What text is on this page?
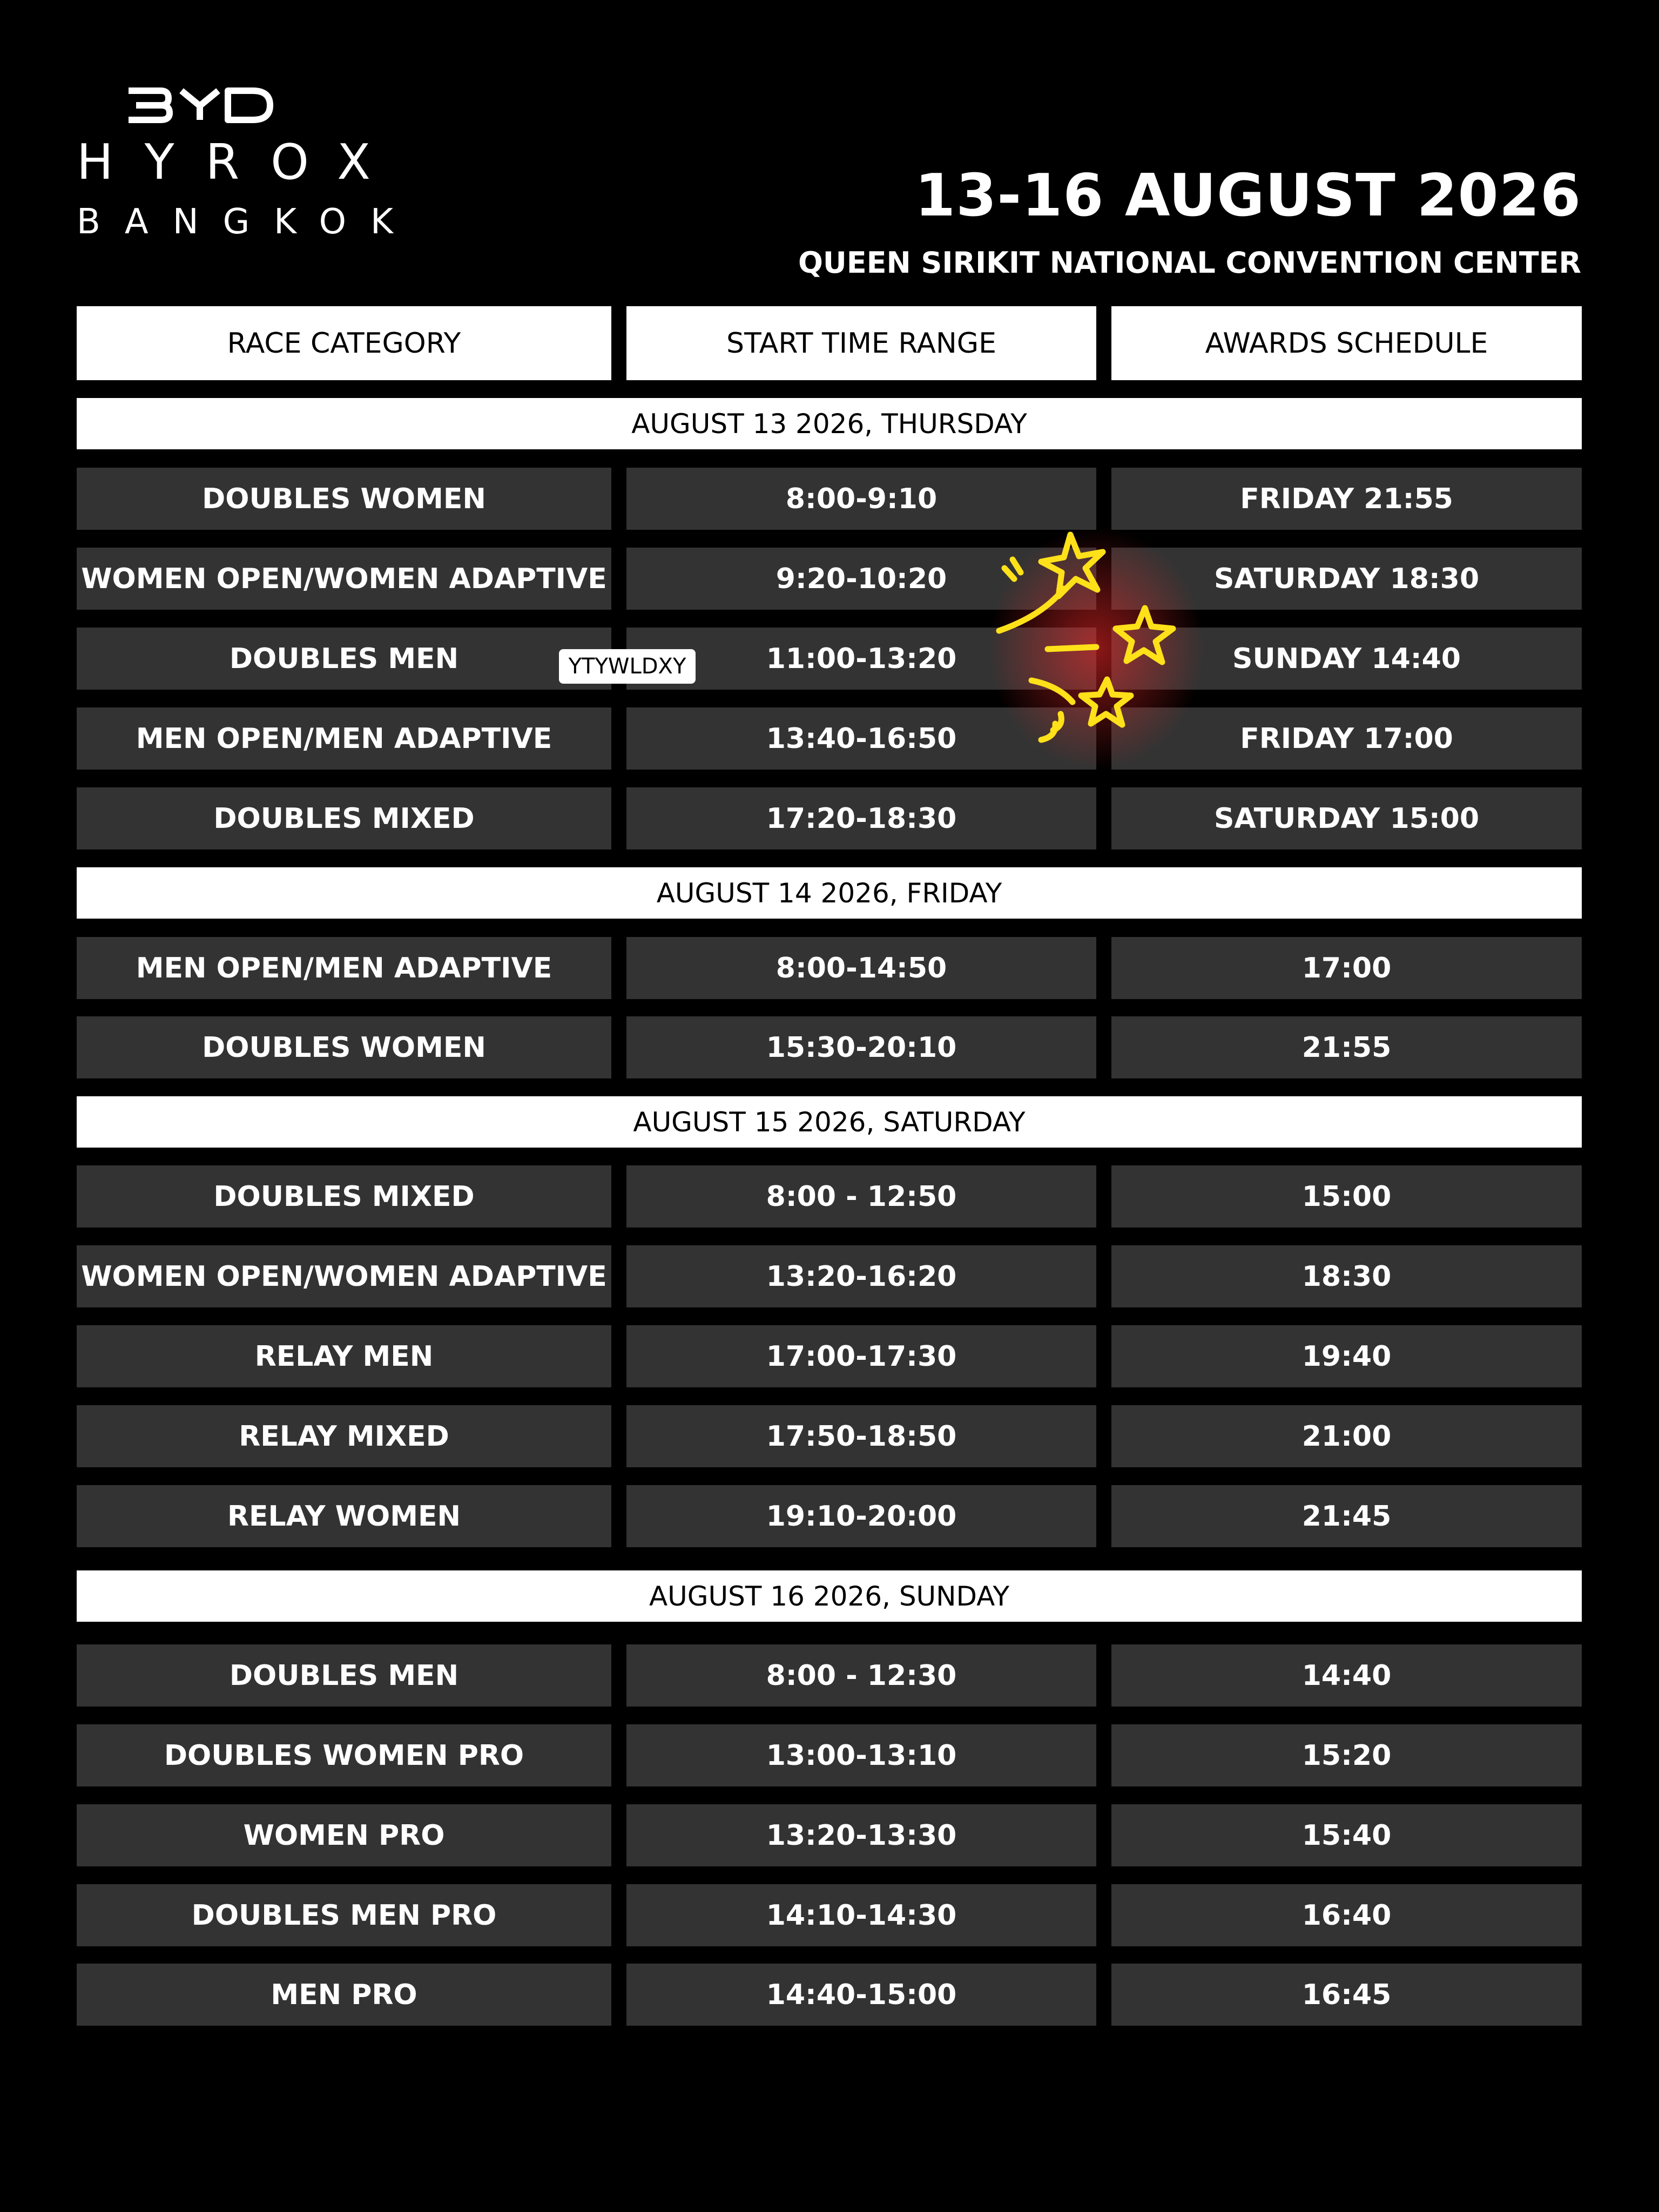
HYROX
BANGKOK	13-16 AUGUST 2026
QUEEN SIRIKIT NATIONAL CONVENTION CENTER
RACE CATEGORY	START TIME RANGE	AWARDS SCHEDULE
AUGUST 13 2026, THURSDAY
DOUBLES WOMEN	8:00-9:10	FRIDAY 21:55
WOMEN OPEN/WOMEN ADAPTIVE	9:20-10:20	SATURDAY 18:30
DOUBLES MEN	11:00-13:20	SUNDAY 14:40
MEN OPEN/MEN ADAPTIVE	13:40-16:50	FRIDAY 17:00
DOUBLES MIXED	17:20-18:30	SATURDAY 15:00
AUGUST 14 2026, FRIDAY
MEN OPEN/MEN ADAPTIVE	8:00-14:50	17:00
DOUBLES WOMEN	15:30-20:10	21:55
AUGUST 15 2026, SATURDAY
DOUBLES MIXED	8:00 - 12:50	15:00
WOMEN OPEN/WOMEN ADAPTIVE	13:20-16:20	18:30
RELAY MEN	17:00-17:30	19:40
RELAY MIXED	17:50-18:50	21:00
RELAY WOMEN	19:10-20:00	21:45
AUGUST 16 2026, SUNDAY
DOUBLES MEN	8:00 - 12:30	14:40
DOUBLES WOMEN PRO	13:00-13:10	15:20
WOMEN PRO	13:20-13:30	15:40
DOUBLES MEN PRO	14:10-14:30	16:40
MEN PRO	14:40-15:00	16:45
YTYWLDXY
